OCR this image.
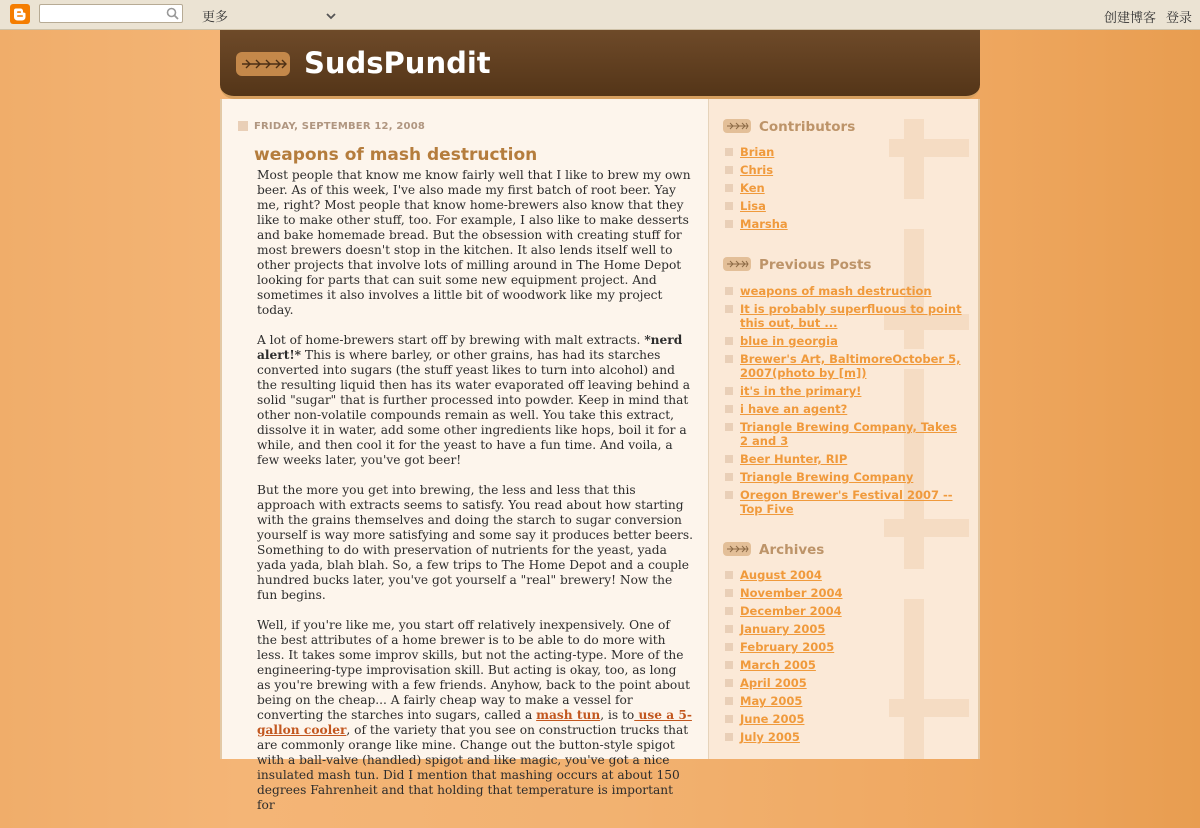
更多	创建博客 登录
SudsPundit
FRIDAY, SEPTEMBER 12, 2008
weapons of mash destruction

Most people that know me know fairly well that I like to brew my own beer. As of this week, I've also made my first batch of root beer. Yay me, right? Most people that know home-brewers also know that they like to make other stuff, too. For example, I also like to make desserts and bake homemade bread. But the obsession with creating stuff for most brewers doesn't stop in the kitchen. It also lends itself well to other projects that involve lots of milling around in The Home Depot looking for parts that can suit some new equipment project. And sometimes it also involves a little bit of woodwork like my project today.

A lot of home-brewers start off by brewing with malt extracts. *nerd alert!* This is where barley, or other grains, has had its starches converted into sugars (the stuff yeast likes to turn into alcohol) and the resulting liquid then has its water evaporated off leaving behind a solid "sugar" that is further processed into powder. Keep in mind that other non-volatile compounds remain as well. You take this extract, dissolve it in water, add some other ingredients like hops, boil it for a while, and then cool it for the yeast to have a fun time. And voila, a few weeks later, you've got beer!

But the more you get into brewing, the less and less that this approach with extracts seems to satisfy. You read about how starting with the grains themselves and doing the starch to sugar conversion yourself is way more satisfying and some say it produces better beers. Something to do with preservation of nutrients for the yeast, yada yada yada, blah blah. So, a few trips to The Home Depot and a couple hundred bucks later, you've got yourself a "real" brewery! Now the fun begins.

Well, if you're like me, you start off relatively inexpensively. One of the best attributes of a home brewer is to be able to do more with less. It takes some improv skills, but not the acting-type. More of the engineering-type improvisation skill. But acting is okay, too, as long as you're brewing with a few friends. Anyhow, back to the point about being on the cheap... A fairly cheap way to make a vessel for converting the starches into sugars, called a mash tun, is to use a 5-gallon cooler, of the variety that you see on construction trucks that are commonly orange like mine. Change out the button-style spigot with a ball-valve (handled) spigot and like magic, you've got a nice insulated mash tun. Did I mention that mashing occurs at about 150 degrees Fahrenheit and that holding that temperature is important for

Contributors
Brian
Chris
Ken
Lisa
Marsha
Previous Posts
weapons of mash destruction
It is probably superfluous to point this out, but ...
blue in georgia
Brewer's Art, BaltimoreOctober 5, 2007(photo by [m])
it's in the primary!
i have an agent?
Triangle Brewing Company, Takes 2 and 3
Beer Hunter, RIP
Triangle Brewing Company
Oregon Brewer's Festival 2007 -- Top Five
Archives
August 2004
November 2004
December 2004
January 2005
February 2005
March 2005
April 2005
May 2005
June 2005
July 2005
